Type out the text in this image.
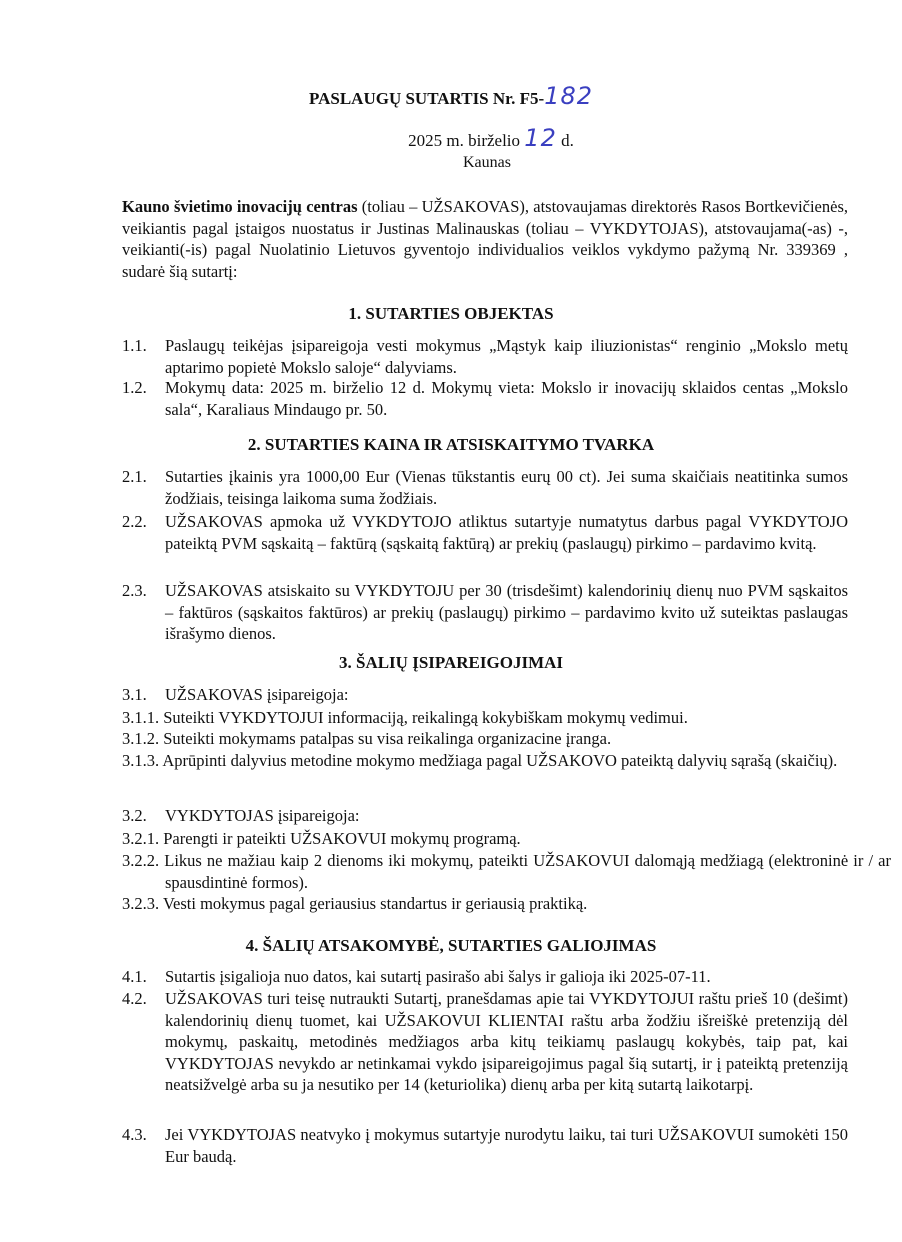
PASLAUGŲ SUTARTIS Nr. F5-182
2025 m. birželio 12 d.
Kaunas
Kauno švietimo inovacijų centras (toliau – UŽSAKOVAS), atstovaujamas direktorės Rasos Bortkevičienės, veikiantis pagal įstaigos nuostatus ir Justinas Malinauskas (toliau – VYKDYTOJAS), atstovaujama(-as) -, veikianti(-is) pagal Nuolatinio Lietuvos gyventojo individualios veiklos vykdymo pažymą Nr. 339369 , sudarė šią sutartį:
1. SUTARTIES OBJEKTAS
1.1. Paslaugų teikėjas įsipareigoja vesti mokymus „Mąstyk kaip iliuzionistas“ renginio „Mokslo metų aptarimo popietė Mokslo saloje“ dalyviams.
1.2. Mokymų data: 2025 m. birželio 12 d. Mokymų vieta: Mokslo ir inovacijų sklaidos centas „Mokslo sala“, Karaliaus Mindaugo pr. 50.
2. SUTARTIES KAINA IR ATSISKAITYMO TVARKA
2.1. Sutarties įkainis yra 1000,00 Eur (Vienas tūkstantis eurų 00 ct). Jei suma skaičiais neatitinka sumos žodžiais, teisinga laikoma suma žodžiais.
2.2. UŽSAKOVAS apmoka už VYKDYTOJO atliktus sutartyje numatytus darbus pagal VYKDYTOJO pateiktą PVM sąskaitą – faktūrą (sąskaitą faktūrą) ar prekių (paslaugų) pirkimo – pardavimo kvitą.
2.3. UŽSAKOVAS atsiskaito su VYKDYTOJU per 30 (trisdešimt) kalendorinių dienų nuo PVM sąskaitos – faktūros (sąskaitos faktūros) ar prekių (paslaugų) pirkimo – pardavimo kvito už suteiktas paslaugas išrašymo dienos.
3. ŠALIŲ ĮSIPAREIGOJIMAI
3.1. UŽSAKOVAS įsipareigoja:
3.1.1. Suteikti VYKDYTOJUI informaciją, reikalingą kokybiškam mokymų vedimui.
3.1.2. Suteikti mokymams patalpas su visa reikalinga organizacine įranga.
3.1.3. Aprūpinti dalyvius metodine mokymo medžiaga pagal UŽSAKOVO pateiktą dalyvių sąrašą (skaičių).
3.2. VYKDYTOJAS įsipareigoja:
3.2.1. Parengti ir pateikti UŽSAKOVUI mokymų programą.
3.2.2. Likus ne mažiau kaip 2 dienoms iki mokymų, pateikti UŽSAKOVUI dalomąją medžiagą (elektroninė ir / ar spausdintinė formos).
3.2.3. Vesti mokymus pagal geriausius standartus ir geriausią praktiką.
4. ŠALIŲ ATSAKOMYBĖ, SUTARTIES GALIOJIMAS
4.1. Sutartis įsigalioja nuo datos, kai sutartį pasirašo abi šalys ir galioja iki 2025-07-11.
4.2. UŽSAKOVAS turi teisę nutraukti Sutartį, pranešdamas apie tai VYKDYTOJUI raštu prieš 10 (dešimt) kalendorinių dienų tuomet, kai UŽSAKOVUI KLIENTAI raštu arba žodžiu išreiškė pretenziją dėl mokymų, paskaitų, metodinės medžiagos arba kitų teikiamų paslaugų kokybės, taip pat, kai VYKDYTOJAS nevykdo ar netinkamai vykdo įsipareigojimus pagal šią sutartį, ir į pateiktą pretenziją neatsižvelgė arba su ja nesutiko per 14 (keturiolika) dienų arba per kitą sutartą laikotarpį.
4.3. Jei VYKDYTOJAS neatvyko į mokymus sutartyje nurodytu laiku, tai turi UŽSAKOVUI sumokėti 150 Eur baudą.
